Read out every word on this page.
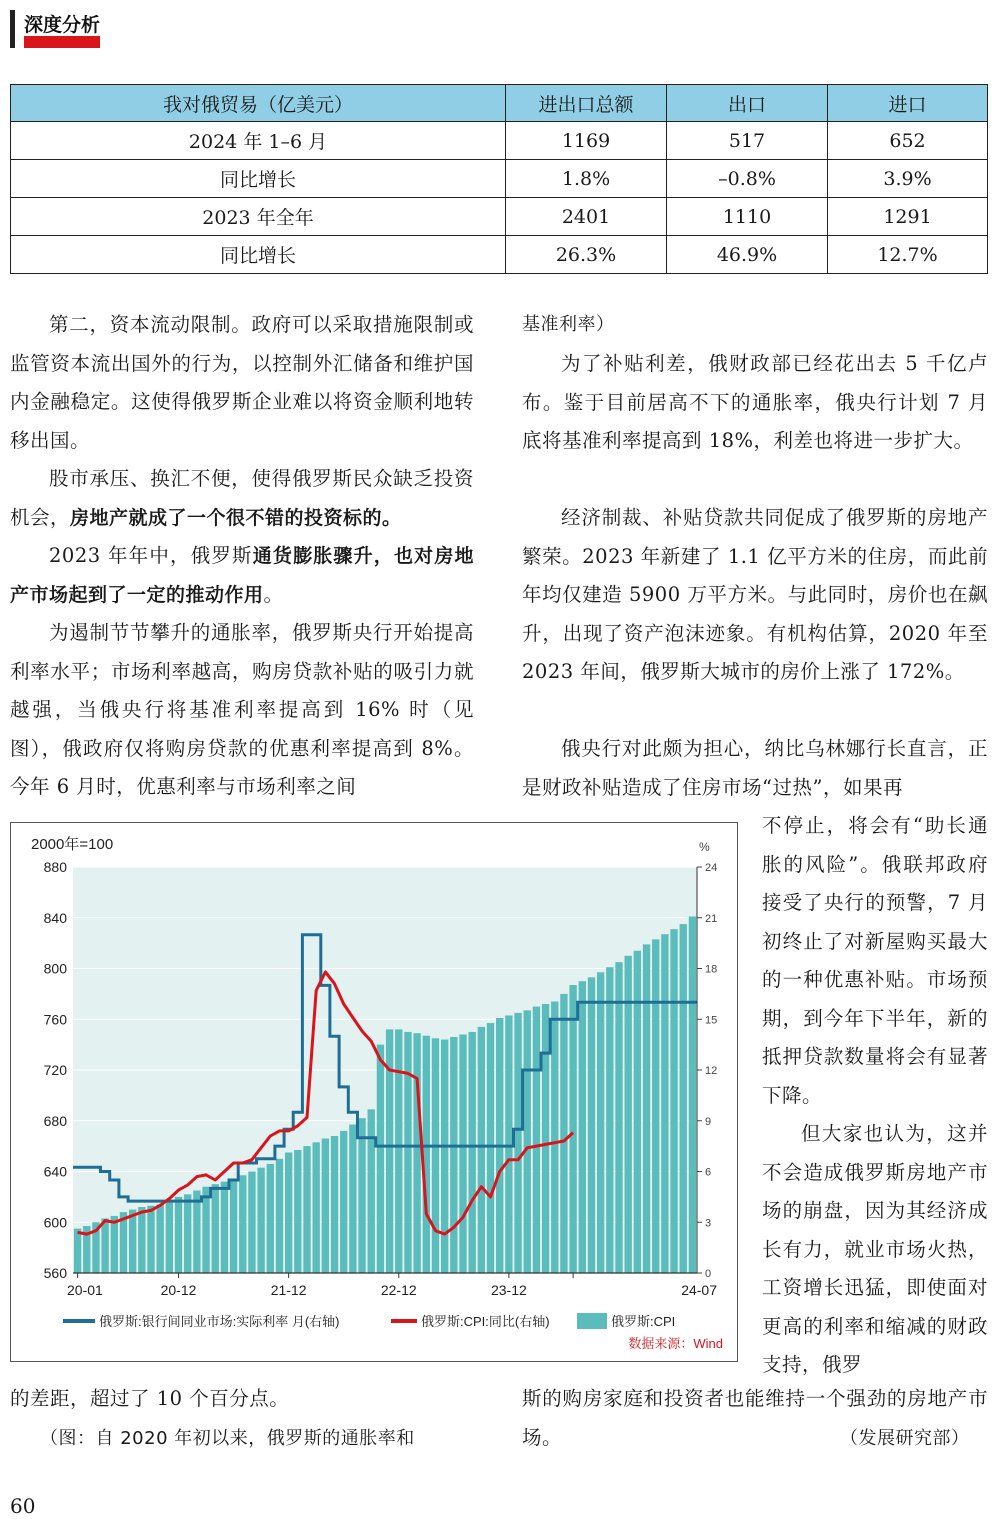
深度分析
我对俄贸易（亿美元）	进出口总额	出口	进口
2024 年 1–6 月	1169	517	652
同比增长	1.8%	–0.8%	3.9%
2023 年全年	2401	1110	1291
同比增长	26.3%	46.9%	12.7%

第二，资本流动限制。政府可以采取措施限制或监管资本流出国外的行为，以控制外汇储备和维护国内金融稳定。这使得俄罗斯企业难以将资金顺利地转移出国。

股市承压、换汇不便，使得俄罗斯民众缺乏投资机会，房地产就成了一个很不错的投资标的。

2023 年年中，俄罗斯通货膨胀骤升，也对房地产市场起到了一定的推动作用。

为遏制节节攀升的通胀率，俄罗斯央行开始提高利率水平；市场利率越高，购房贷款补贴的吸引力就越强，当俄央行将基准利率提高到 16% 时（见图），俄政府仅将购房贷款的优惠利率提高到 8%。今年 6 月时，优惠利率与市场利率之间

880
840
800
760
720
680
640
600
560
24
21
18
15
12
9
6
3
0
2000年=100	%
20-01	20-12	21-12	22-12	23-12	24-07
俄罗斯:银行间同业市场:实际利率 月(右轴)	俄罗斯:CPI:同比(右轴)	俄罗斯:CPI
数据来源：Wind

的差距，超过了 10 个百分点。

（图：自 2020 年初以来，俄罗斯的通胀率和

基准利率）

为了补贴利差，俄财政部已经花出去 5 千亿卢布。鉴于目前居高不下的通胀率，俄央行计划 7 月底将基准利率提高到 18%，利差也将进一步扩大。

经济制裁、补贴贷款共同促成了俄罗斯的房地产繁荣。2023 年新建了 1.1 亿平方米的住房，而此前年均仅建造 5900 万平方米。与此同时，房价也在飙升，出现了资产泡沫迹象。有机构估算，2020 年至 2023 年间，俄罗斯大城市的房价上涨了 172%。

俄央行对此颇为担心，纳比乌林娜行长直言，正是财政补贴造成了住房市场“过热”，如果再

不停止，将会有“助长通胀的风险”。俄联邦政府接受了央行的预警，7 月初终止了对新屋购买最大的一种优惠补贴。市场预期，到今年下半年，新的抵押贷款数量将会有显著下降。

但大家也认为，这并不会造成俄罗斯房地产市场的崩盘，因为其经济成长有力，就业市场火热，工资增长迅猛，即使面对更高的利率和缩减的财政支持，俄罗

斯的购房家庭和投资者也能维持一个强劲的房地产市场。	（发展研究部）

60
